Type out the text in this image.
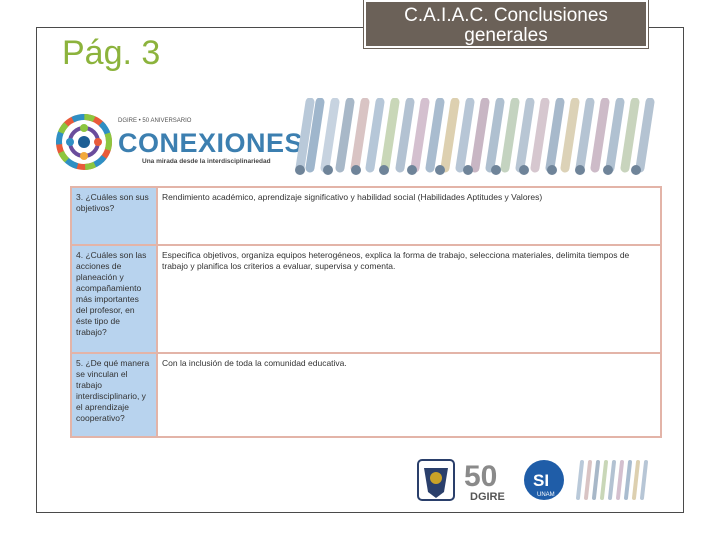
Pág. 3
C.A.I.A.C. Conclusiones generales
DGIRE • 50 ANIVERSARIO
CONEXIONES
Una mirada desde la interdisciplinariedad
3. ¿Cuáles son sus objetivos?	Rendimiento académico, aprendizaje significativo y habilidad social (Habilidades Aptitudes y Valores)
4. ¿Cuáles son las acciones de planeación y acompañamiento más importantes del profesor, en éste tipo de trabajo?	Especifica objetivos, organiza equipos heterogéneos, explica la forma de trabajo, selecciona materiales, delimita tiempos de trabajo y planifica los criterios a evaluar, supervisa y comenta.
5. ¿De qué manera se vinculan el trabajo interdisciplinario, y el aprendizaje cooperativo?	Con la inclusión de toda la comunidad educativa.
50
DGIRE
SI
UNAM
